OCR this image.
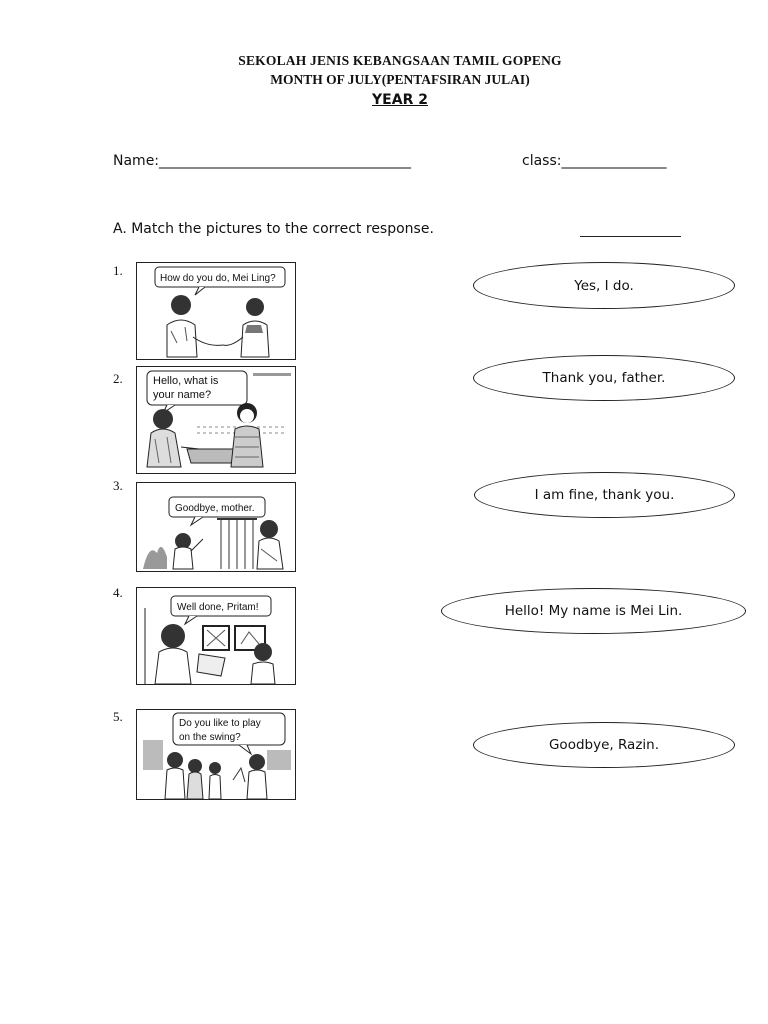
SEKOLAH JENIS KEBANGSAAN TAMIL GOPENG
MONTH OF JULY(PENTAFSIRAN JULAI)
YEAR 2
Name:____________________________________	class:_______________
A. Match the pictures to the correct response.
1.
2.
3.
4.
5.
How do you do, Mei Ling?
Hello, what is
your name?
Goodbye, mother.
Well done, Pritam!
Do you like to play
on the swing?
Yes, I do.
Thank you, father.
I am fine, thank you.
Hello! My name is Mei Lin.
Goodbye, Razin.
